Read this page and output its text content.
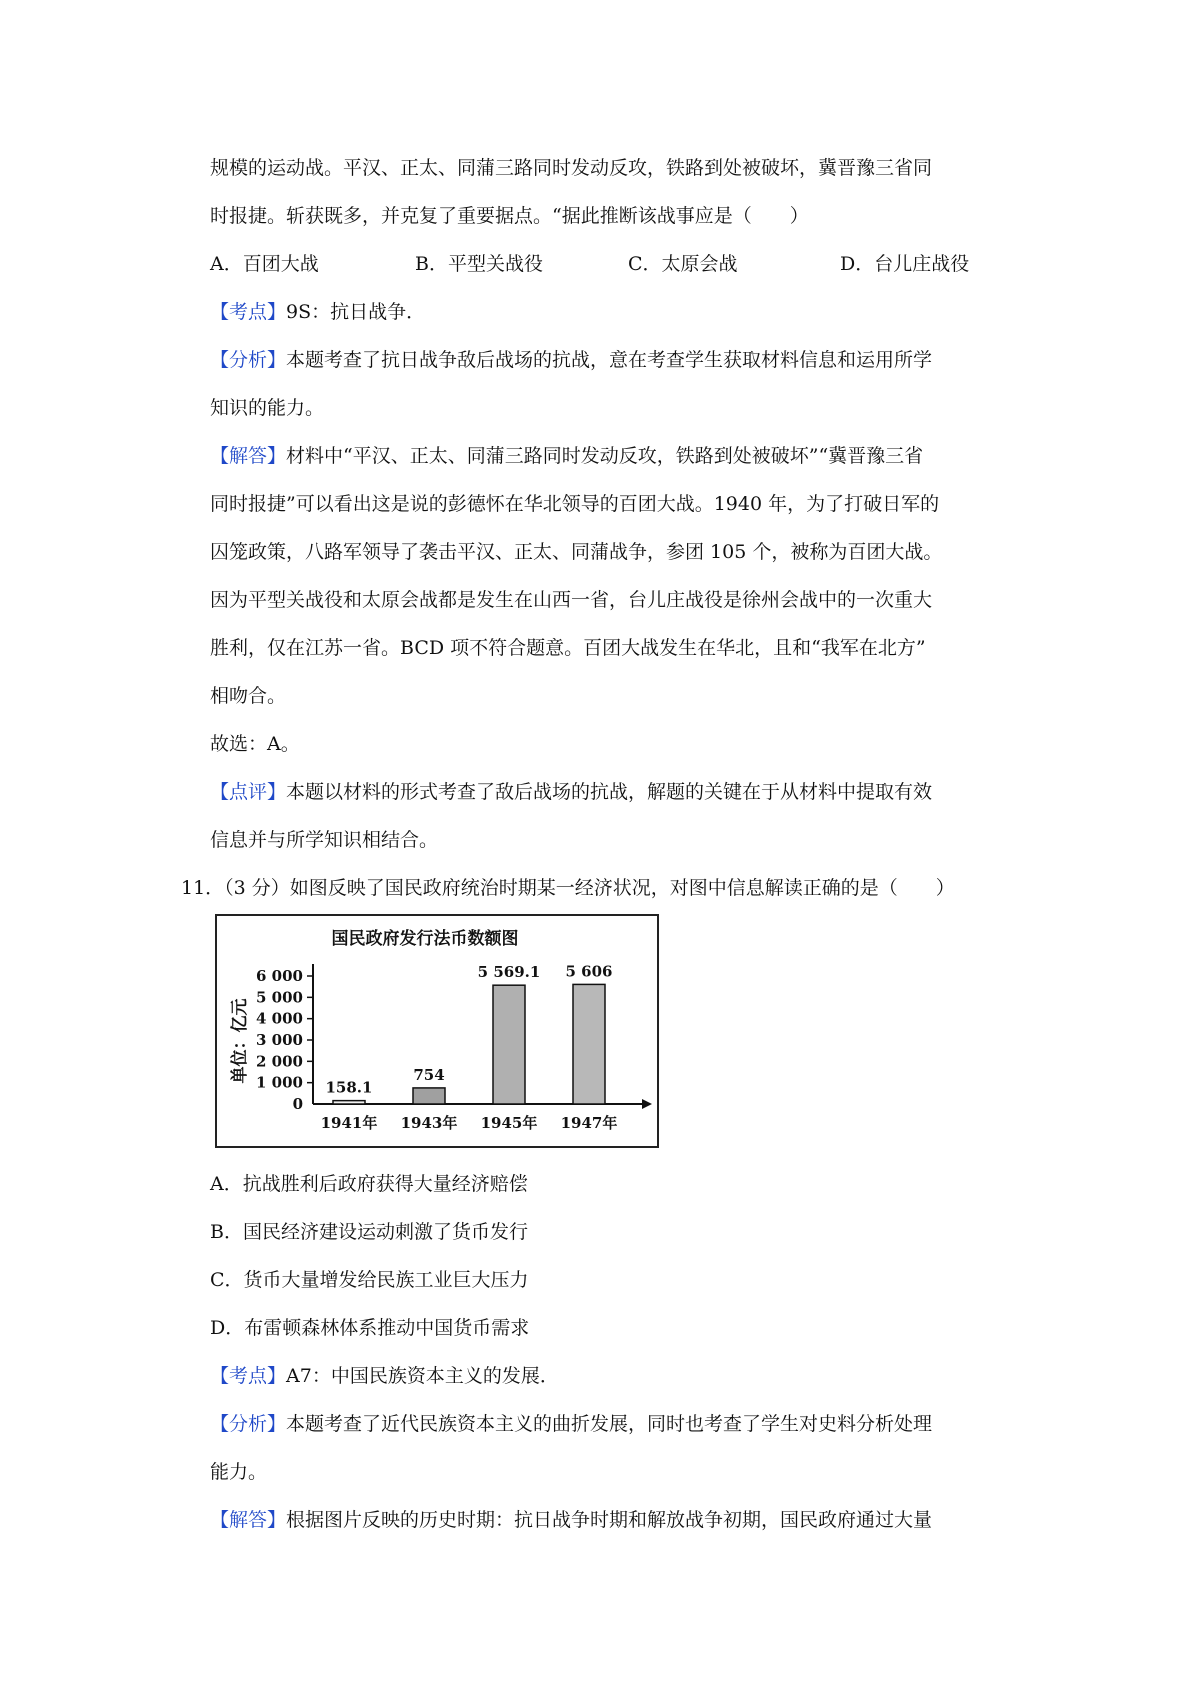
规模的运动战。平汉、正太、同蒲三路同时发动反攻，铁路到处被破坏，冀晋豫三省同
时报捷。斩获既多，并克复了重要据点。“据此推断该战事应是（　　）
A．百团大战	B．平型关战役	C．太原会战	D．台儿庄战役
【考点】9S：抗日战争．
【分析】本题考查了抗日战争敌后战场的抗战，意在考查学生获取材料信息和运用所学
知识的能力。
【解答】材料中“平汉、正太、同蒲三路同时发动反攻，铁路到处被破坏”“冀晋豫三省
同时报捷”可以看出这是说的彭德怀在华北领导的百团大战。1940 年，为了打破日军的
囚笼政策，八路军领导了袭击平汉、正太、同蒲战争，参团 105 个，被称为百团大战。
因为平型关战役和太原会战都是发生在山西一省，台儿庄战役是徐州会战中的一次重大
胜利，仅在江苏一省。BCD 项不符合题意。百团大战发生在华北，且和“我军在北方”
相吻合。
故选：A。
【点评】本题以材料的形式考查了敌后战场的抗战，解题的关键在于从材料中提取有效
信息并与所学知识相结合。
11．（3 分）如图反映了国民政府统治时期某一经济状况，对图中信息解读正确的是（　　）
国民政府发行法币数额图
单位：亿元
0
1 000
2 000
3 000
4 000
5 000
6 000
158.1
1941年
754
1943年
5 569.1
1945年
5 606
1947年
A．抗战胜利后政府获得大量经济赔偿
B．国民经济建设运动刺激了货币发行
C．货币大量增发给民族工业巨大压力
D．布雷顿森林体系推动中国货币需求
【考点】A7：中国民族资本主义的发展．
【分析】本题考查了近代民族资本主义的曲折发展，同时也考查了学生对史料分析处理
能力。
【解答】根据图片反映的历史时期：抗日战争时期和解放战争初期，国民政府通过大量
